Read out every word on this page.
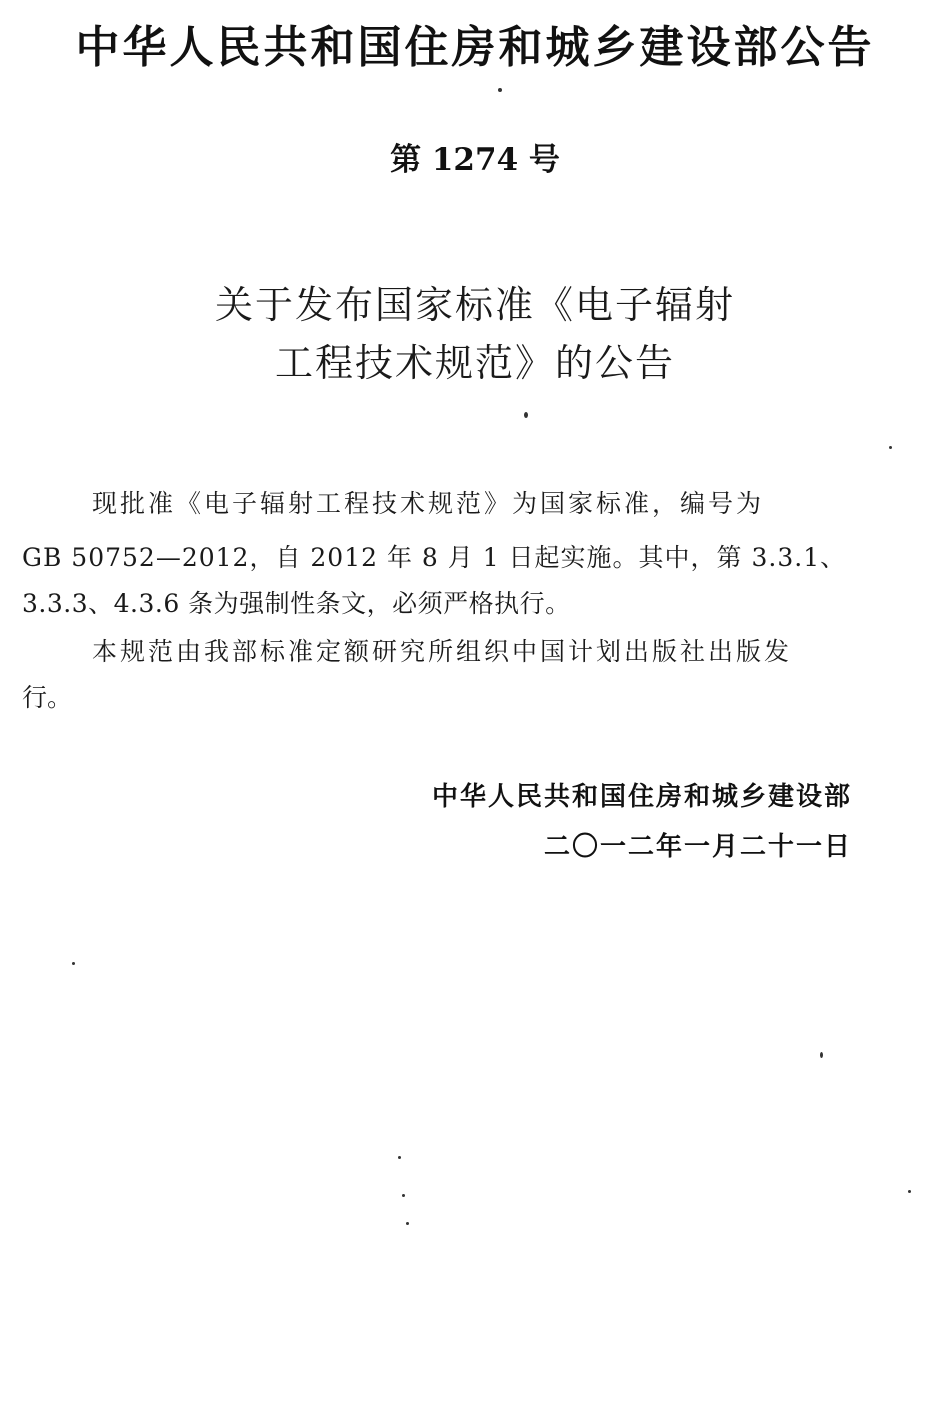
中华人民共和国住房和城乡建设部公告
第 1274 号
关于发布国家标准《电子辐射
工程技术规范》的公告
现批准《电子辐射工程技术规范》为国家标准，编号为
GB 50752—2012，自 2012 年 8 月 1 日起实施。其中，第 3.3.1、
3.3.3、4.3.6 条为强制性条文，必须严格执行。
本规范由我部标准定额研究所组织中国计划出版社出版发
行。
中华人民共和国住房和城乡建设部
二〇一二年一月二十一日
